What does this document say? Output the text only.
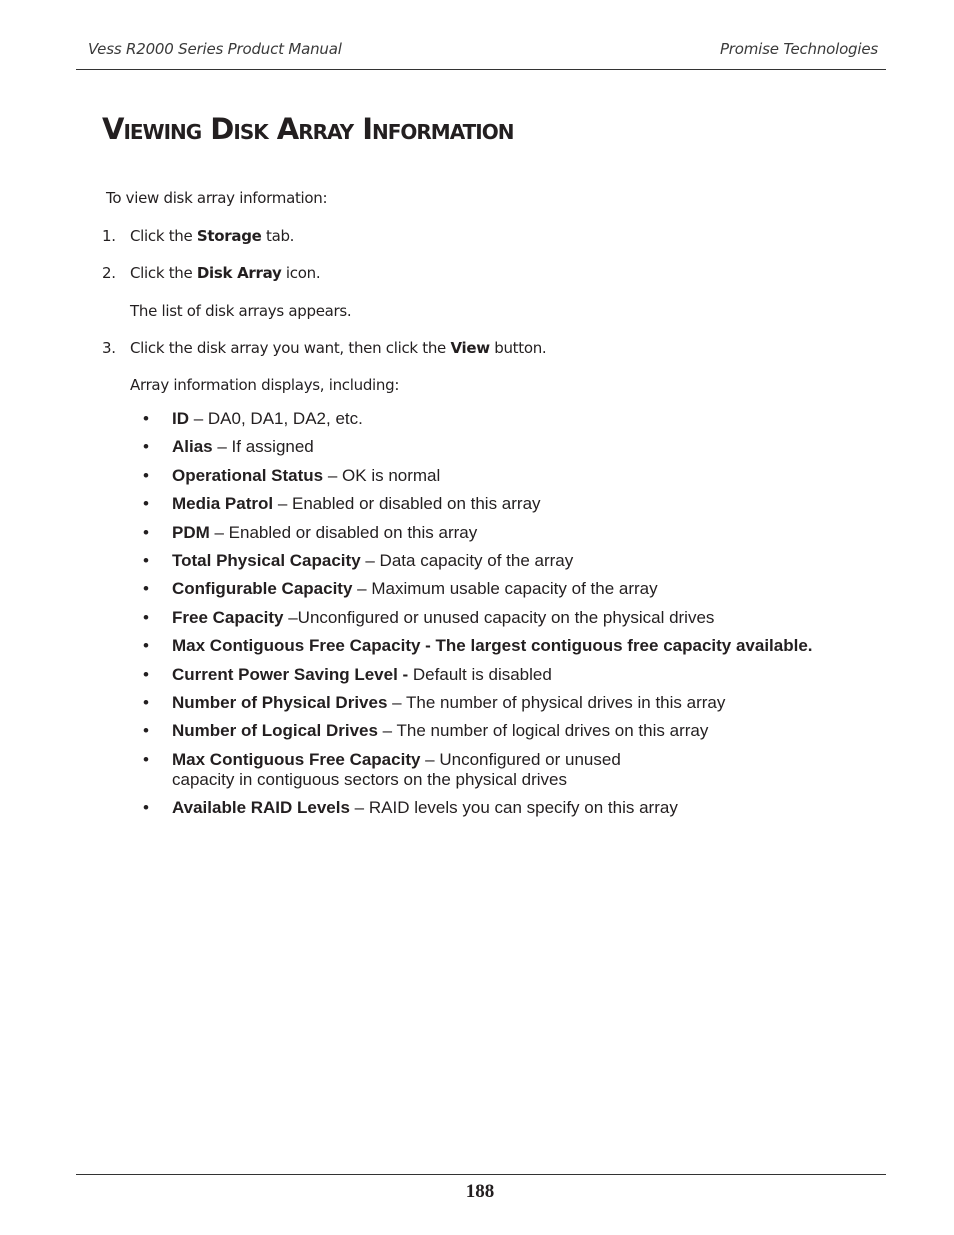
Vess R2000 Series Product Manual	Promise Technologies
Viewing Disk Array Information
To view disk array information:
1. Click the Storage tab.
2. Click the Disk Array icon.
The list of disk arrays appears.
3. Click the disk array you want, then click the View button.
Array information displays, including:
• ID – DA0, DA1, DA2, etc.
• Alias – If assigned
• Operational Status – OK is normal
• Media Patrol – Enabled or disabled on this array
• PDM – Enabled or disabled on this array
• Total Physical Capacity – Data capacity of the array
• Configurable Capacity – Maximum usable capacity of the array
• Free Capacity –Unconfigured or unused capacity on the physical drives
• Max Contiguous Free Capacity - The largest contiguous free capacity available.
• Current Power Saving Level - Default is disabled
• Number of Physical Drives – The number of physical drives in this array
• Number of Logical Drives – The number of logical drives on this array
• Max Contiguous Free Capacity – Unconfigured or unused
capacity in contiguous sectors on the physical drives
• Available RAID Levels – RAID levels you can specify on this array
188
